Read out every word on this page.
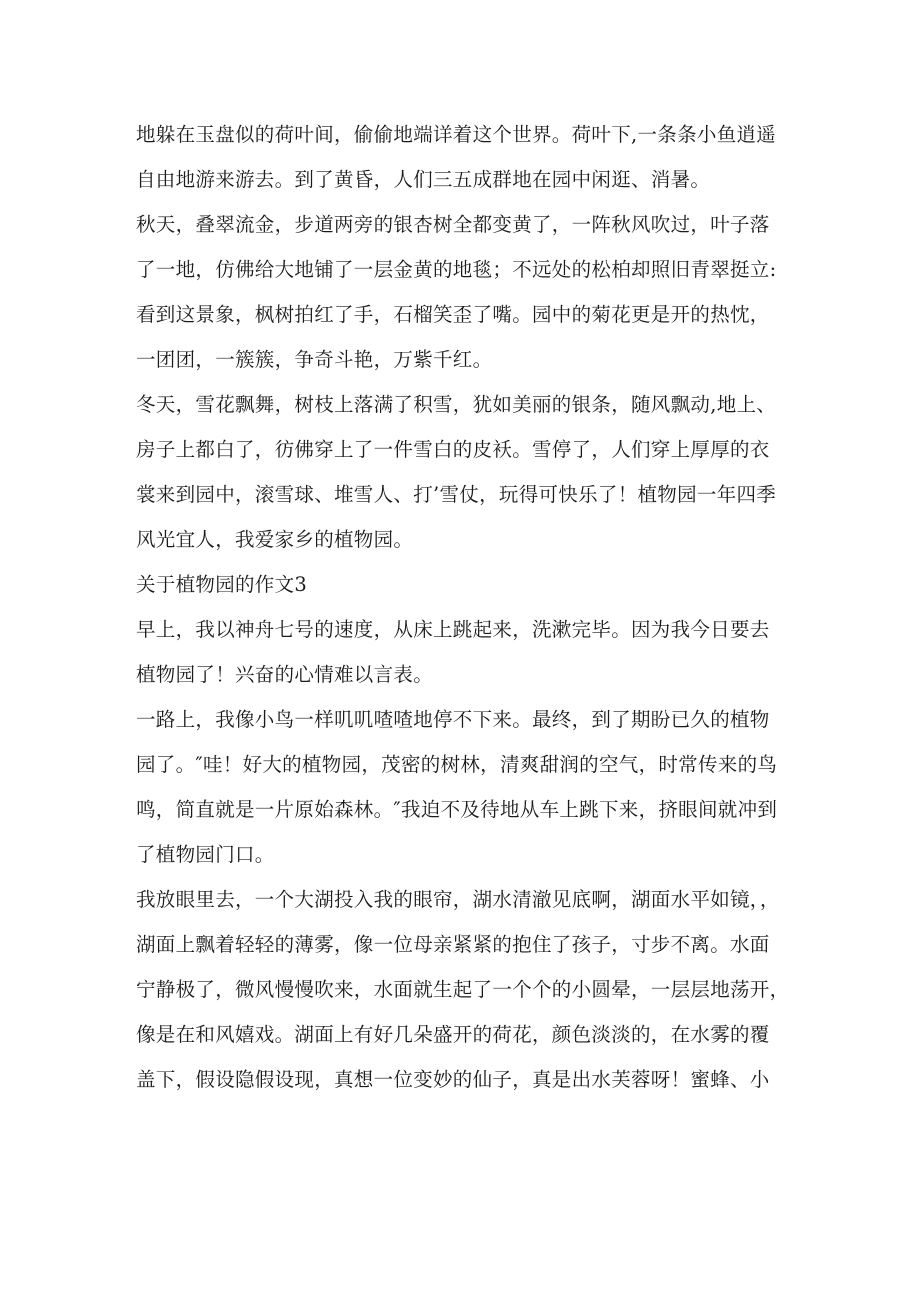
地躲在玉盘似的荷叶间，偷偷地端详着这个世界。荷叶下,一条条小鱼逍遥
自由地游来游去。到了黄昏，人们三五成群地在园中闲逛、消暑。
秋天，叠翠流金，步道两旁的银杏树全都变黄了，一阵秋风吹过，叶子落
了一地，仿佛给大地铺了一层金黄的地毯；不远处的松柏却照旧青翠挺立:
看到这景象，枫树拍红了手，石榴笑歪了嘴。园中的菊花更是开的热忱，
一团团，一簇簇，争奇斗艳，万紫千红。
冬天，雪花飘舞，树枝上落满了积雪，犹如美丽的银条，随风飘动,地上、
房子上都白了，彷佛穿上了一件雪白的皮袄。雪停了，人们穿上厚厚的衣
裳来到园中，滚雪球、堆雪人、打’雪仗，玩得可快乐了！植物园一年四季
风光宜人，我爱家乡的植物园。
关于植物园的作文3
早上，我以神舟七号的速度，从床上跳起来，洗漱完毕。因为我今日要去
植物园了！兴奋的心情难以言表。
一路上，我像小鸟一样叽叽喳喳地停不下来。最终，到了期盼已久的植物
园了。″哇！好大的植物园，茂密的树林，清爽甜润的空气，时常传来的鸟
鸣，简直就是一片原始森林。″我迫不及待地从车上跳下来，挤眼间就冲到
了植物园门口。
我放眼里去，一个大湖投入我的眼帘，湖水清澈见底啊，湖面水平如镜，，
湖面上飘着轻轻的薄雾，像一位母亲紧紧的抱住了孩子，寸步不离。水面
宁静极了，微风慢慢吹来，水面就生起了一个个的小圆晕，一层层地荡开，
像是在和风嬉戏。湖面上有好几朵盛开的荷花，颜色淡淡的，在水雾的覆
盖下，假设隐假设现，真想一位变妙的仙子，真是出水芙蓉呀！蜜蜂、小
